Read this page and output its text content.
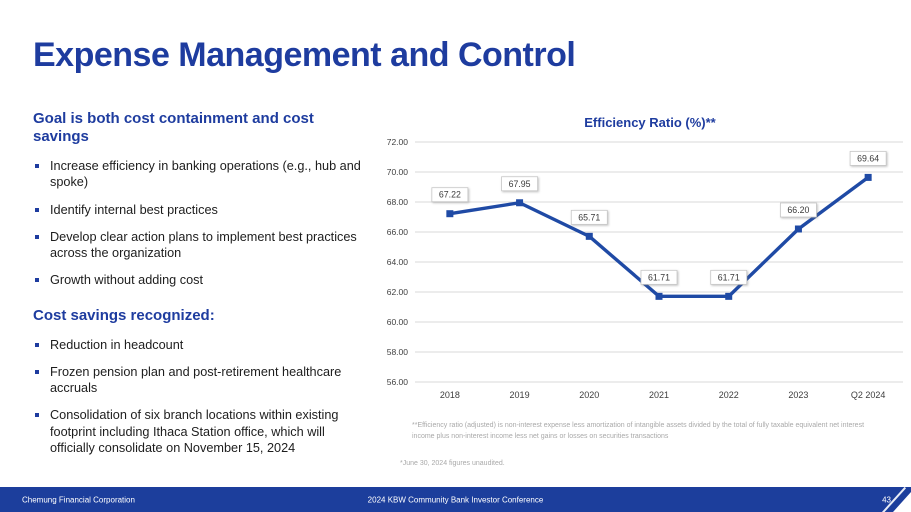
Expense Management and Control
Goal is both cost containment and cost savings
Increase efficiency in banking operations (e.g., hub and spoke)
Identify internal best practices
Develop clear action plans to implement best practices across the organization
Growth without adding cost
Cost savings recognized:
Reduction in headcount
Frozen pension plan and post-retirement healthcare accruals
Consolidation of six branch locations within existing footprint including Ithaca Station office, which will officially consolidate on November 15, 2024
Efficiency Ratio (%)**
72.00
70.00
68.00
66.00
64.00
62.00
60.00
58.00
56.00
2018	2019	2020	2021	2022	2023	Q2 2024
67.22
67.95
65.71
61.71	61.71
66.20
69.64
**Efficiency ratio (adjusted) is non-interest expense less amortization of intangible assets divided by the total of fully taxable equivalent net interest income plus non-interest income less net gains or losses on securities transactions
*June 30, 2024 figures unaudited.
Chemung Financial Corporation	2024 KBW Community Bank Investor Conference	43
